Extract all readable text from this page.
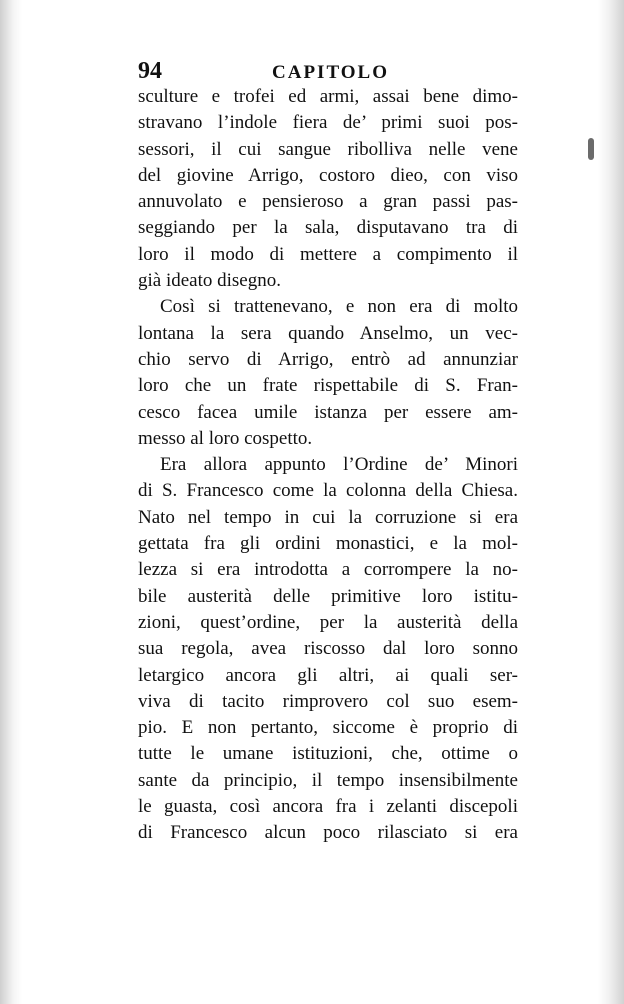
94	CAPITOLO
sculture e trofei ed armi, assai bene dimo-
stravano l’indole fiera de’ primi suoi pos-
sessori, il cui sangue ribolliva nelle vene
del giovine Arrigo, costoro dieo, con viso
annuvolato e pensieroso a gran passi pas-
seggiando per la sala, disputavano tra di
loro il modo di mettere a compimento il
già ideato disegno.
Così si trattenevano, e non era di molto
lontana la sera quando Anselmo, un vec-
chio servo di Arrigo, entrò ad annunziar
loro che un frate rispettabile di S. Fran-
cesco facea umile istanza per essere am-
messo al loro cospetto.
Era allora appunto l’Ordine de’ Minori
di S. Francesco come la colonna della Chiesa.
Nato nel tempo in cui la corruzione si era
gettata fra gli ordini monastici, e la mol-
lezza si era introdotta a corrompere la no-
bile austerità delle primitive loro istitu-
zioni, quest’ordine, per la austerità della
sua regola, avea riscosso dal loro sonno
letargico ancora gli altri, ai quali ser-
viva di tacito rimprovero col suo esem-
pio. E non pertanto, siccome è proprio di
tutte le umane istituzioni, che, ottime o
sante da principio, il tempo insensibilmente
le guasta, così ancora fra i zelanti discepoli
di Francesco alcun poco rilasciato si era
